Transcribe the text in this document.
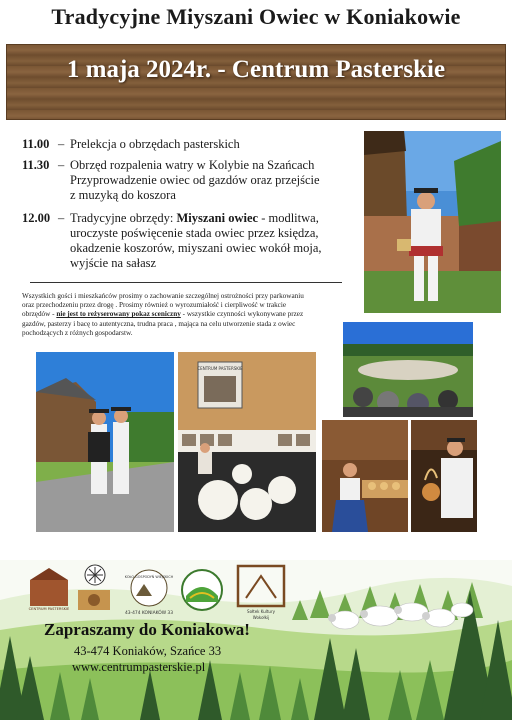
Tradycyjne Miyszani Owiec w Koniakowie
1 maja 2024r. - Centrum Pasterskie
11.00 – Prelekcja o obrzędach pasterskich
11.30 – Obrzęd rozpalenia watry w Kolybie na Szańcach
Przyprowadzenie owiec od gazdów oraz przejście
z muzyką do koszora
12.00 – Tradycyjne obrzędy: Miyszani owiec - modlitwa,
uroczyste poświęcenie stada owiec przez księdza,
okadzenie koszorów, miyszani owiec wokół moja,
wyjście na sałasz
Wszystkich gości i mieszkańców prosimy o zachowanie szczególnej ostrożności przy parkowaniu
oraz przechodzeniu przez drogę . Prosimy również o wyrozumiałość i cierpliwość w trakcie
obrzędów - nie jest to reżyserowany pokaz sceniczny - wszystkie czynności wykonywane przez
gazdów, pasterzy i bacę to autentyczna, trudna praca , mająca na celu utworzenie stada z owiec
pochodzących z różnych gospodarstw.
CENTRUM PASTERSKIE
CENTRUM PASTERSKIE
KOŁO GOSPODYŃ WIEJSKICH
43-474 KONIAKÓW 33	Sołtek Kultury
Wokołkij
Zapraszamy do Koniakowa!
43-474 Koniaków, Szańce 33
www.centrumpasterskie.pl
